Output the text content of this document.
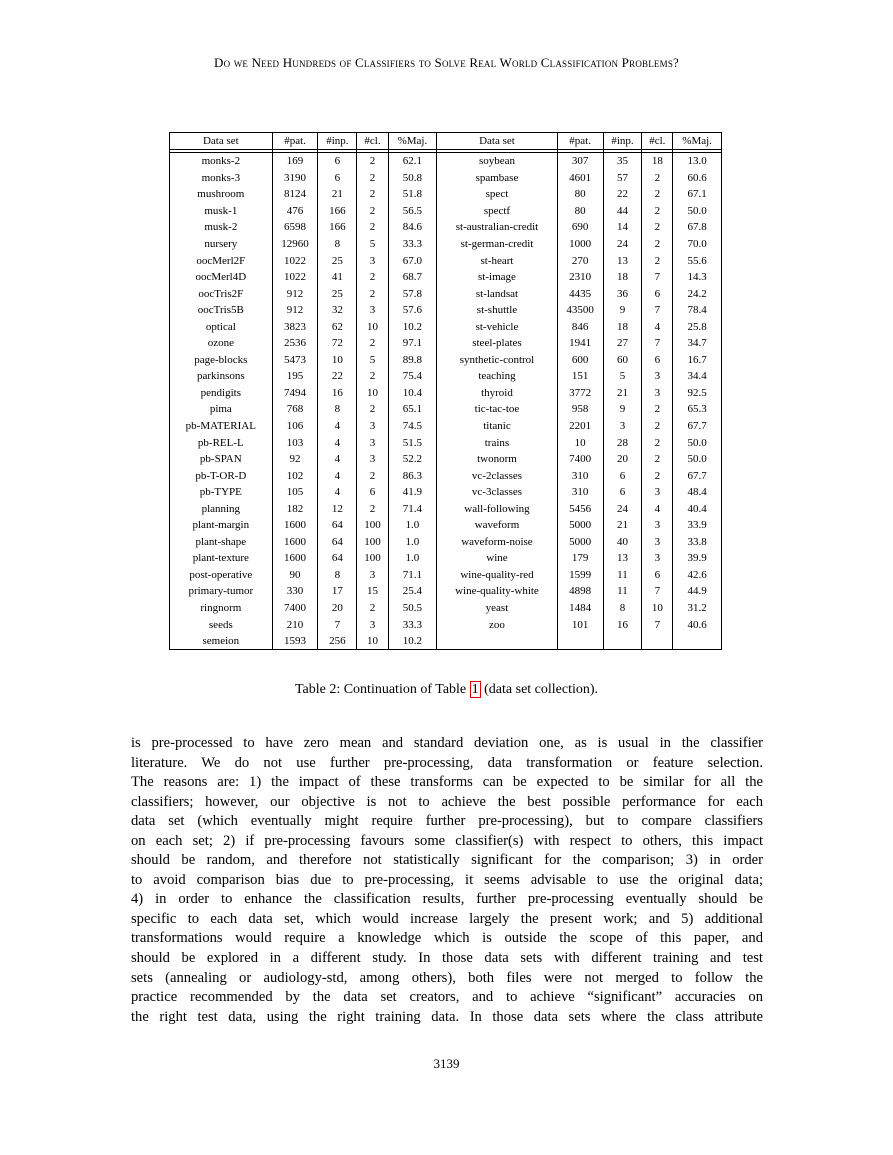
Do we Need Hundreds of Classifiers to Solve Real World Classification Problems?
Data set	#pat.	#inp.	#cl.	%Maj.	Data set	#pat.	#inp.	#cl.	%Maj.

monks-2	169	6	2	62.1	soybean	307	35	18	13.0
monks-3	3190	6	2	50.8	spambase	4601	57	2	60.6
mushroom	8124	21	2	51.8	spect	80	22	2	67.1
musk-1	476	166	2	56.5	spectf	80	44	2	50.0
musk-2	6598	166	2	84.6	st-australian-credit	690	14	2	67.8
nursery	12960	8	5	33.3	st-german-credit	1000	24	2	70.0
oocMerl2F	1022	25	3	67.0	st-heart	270	13	2	55.6
oocMerl4D	1022	41	2	68.7	st-image	2310	18	7	14.3
oocTris2F	912	25	2	57.8	st-landsat	4435	36	6	24.2
oocTris5B	912	32	3	57.6	st-shuttle	43500	9	7	78.4
optical	3823	62	10	10.2	st-vehicle	846	18	4	25.8
ozone	2536	72	2	97.1	steel-plates	1941	27	7	34.7
page-blocks	5473	10	5	89.8	synthetic-control	600	60	6	16.7
parkinsons	195	22	2	75.4	teaching	151	5	3	34.4
pendigits	7494	16	10	10.4	thyroid	3772	21	3	92.5
pima	768	8	2	65.1	tic-tac-toe	958	9	2	65.3
pb-MATERIAL	106	4	3	74.5	titanic	2201	3	2	67.7
pb-REL-L	103	4	3	51.5	trains	10	28	2	50.0
pb-SPAN	92	4	3	52.2	twonorm	7400	20	2	50.0
pb-T-OR-D	102	4	2	86.3	vc-2classes	310	6	2	67.7
pb-TYPE	105	4	6	41.9	vc-3classes	310	6	3	48.4
planning	182	12	2	71.4	wall-following	5456	24	4	40.4
plant-margin	1600	64	100	1.0	waveform	5000	21	3	33.9
plant-shape	1600	64	100	1.0	waveform-noise	5000	40	3	33.8
plant-texture	1600	64	100	1.0	wine	179	13	3	39.9
post-operative	90	8	3	71.1	wine-quality-red	1599	11	6	42.6
primary-tumor	330	17	15	25.4	wine-quality-white	4898	11	7	44.9
ringnorm	7400	20	2	50.5	yeast	1484	8	10	31.2
seeds	210	7	3	33.3	zoo	101	16	7	40.6
semeion	1593	256	10	10.2					
Table 2: Continuation of Table 1 (data set collection).
is pre-processed to have zero mean and standard deviation one, as is usual in the classifier
literature. We do not use further pre-processing, data transformation or feature selection.
The reasons are: 1) the impact of these transforms can be expected to be similar for all the
classifiers; however, our objective is not to achieve the best possible performance for each
data set (which eventually might require further pre-processing), but to compare classifiers
on each set; 2) if pre-processing favours some classifier(s) with respect to others, this impact
should be random, and therefore not statistically significant for the comparison; 3) in order
to avoid comparison bias due to pre-processing, it seems advisable to use the original data;
4) in order to enhance the classification results, further pre-processing eventually should be
specific to each data set, which would increase largely the present work; and 5) additional
transformations would require a knowledge which is outside the scope of this paper, and
should be explored in a different study. In those data sets with different training and test
sets (annealing or audiology-std, among others), both files were not merged to follow the
practice recommended by the data set creators, and to achieve “significant” accuracies on
the right test data, using the right training data. In those data sets where the class attribute
3139
